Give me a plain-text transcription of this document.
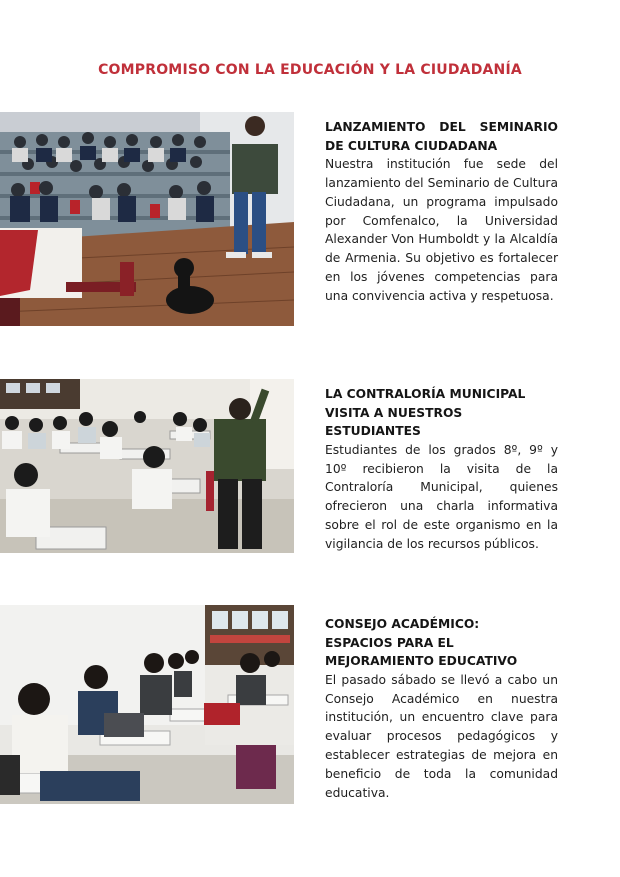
COMPROMISO CON LA EDUCACIÓN Y LA CIUDADANÍA

LANZAMIENTO DEL SEMINARIO
DE CULTURA CIUDADANA

Nuestra institución fue sede del lanzamiento del Seminario de Cultura Ciudadana, un programa impulsado por Comfenalco, la Universidad Alexander Von Humboldt y la Alcaldía de Armenia. Su objetivo es fortalecer en los jóvenes competencias para una convivencia activa y respetuosa.

LA CONTRALORÍA MUNICIPAL
VISITA A NUESTROS
ESTUDIANTES

Estudiantes de los grados 8º, 9º y 10º recibieron la visita de la Contraloría Municipal, quienes ofrecieron una charla informativa sobre el rol de este organismo en la vigilancia de los recursos públicos.

CONSEJO ACADÉMICO:
ESPACIOS PARA EL
MEJORAMIENTO EDUCATIVO

El pasado sábado se llevó a cabo un Consejo Académico en nuestra institución, un encuentro clave para evaluar procesos pedagógicos y establecer estrategias de mejora en beneficio de toda la comunidad educativa.
